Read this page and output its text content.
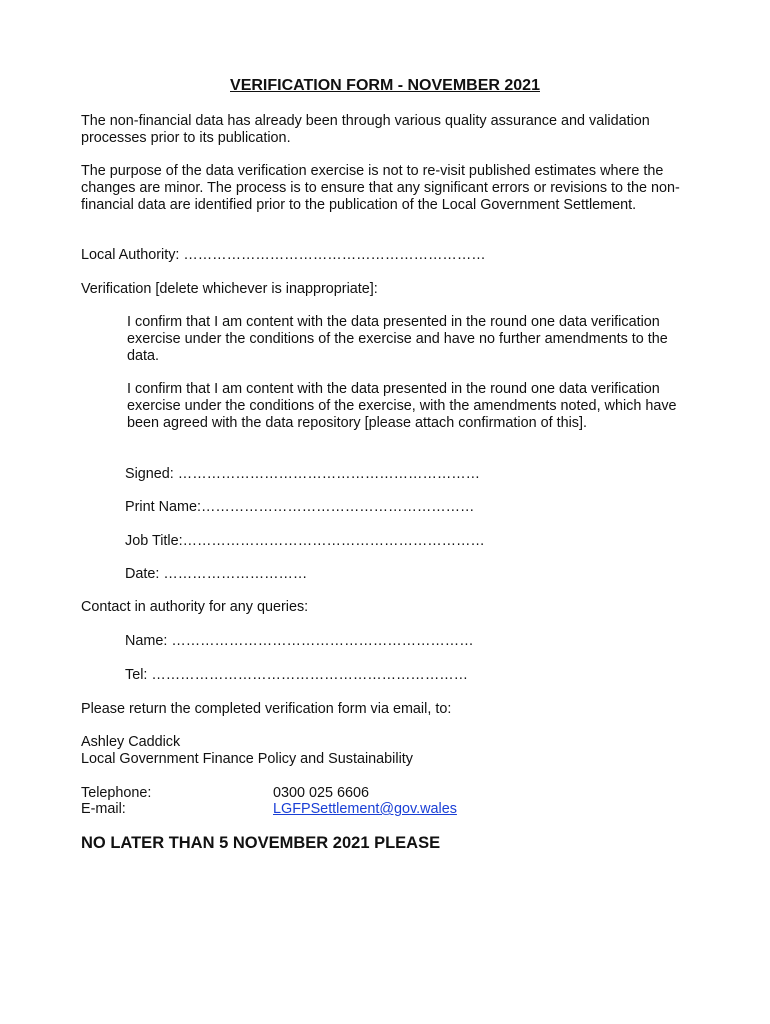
VERIFICATION FORM - NOVEMBER 2021

The non-financial data has already been through various quality assurance and validation processes prior to its publication.

The purpose of the data verification exercise is not to re-visit published estimates where the changes are minor. The process is to ensure that any significant errors or revisions to the non-financial data are identified prior to the publication of the Local Government Settlement.

Local Authority: ………………………………………………………
Verification [delete whichever is inappropriate]:

I confirm that I am content with the data presented in the round one data verification exercise under the conditions of the exercise and have no further amendments to the data.

I confirm that I am content with the data presented in the round one data verification exercise under the conditions of the exercise, with the amendments noted, which have been agreed with the data repository [please attach confirmation of this].

Signed: ………………………………………………………
Print Name:…………………………………………………
Job Title:………………………………………………………
Date: …………………………
Contact in authority for any queries:
Name: ………………………………………………………
Tel: …………………………………………………………
Please return the completed verification form via email, to:
Ashley Caddick
Local Government Finance Policy and Sustainability
Telephone:	0300 025 6606
E-mail:	LGFPSettlement@gov.wales
NO LATER THAN 5 NOVEMBER 2021 PLEASE
